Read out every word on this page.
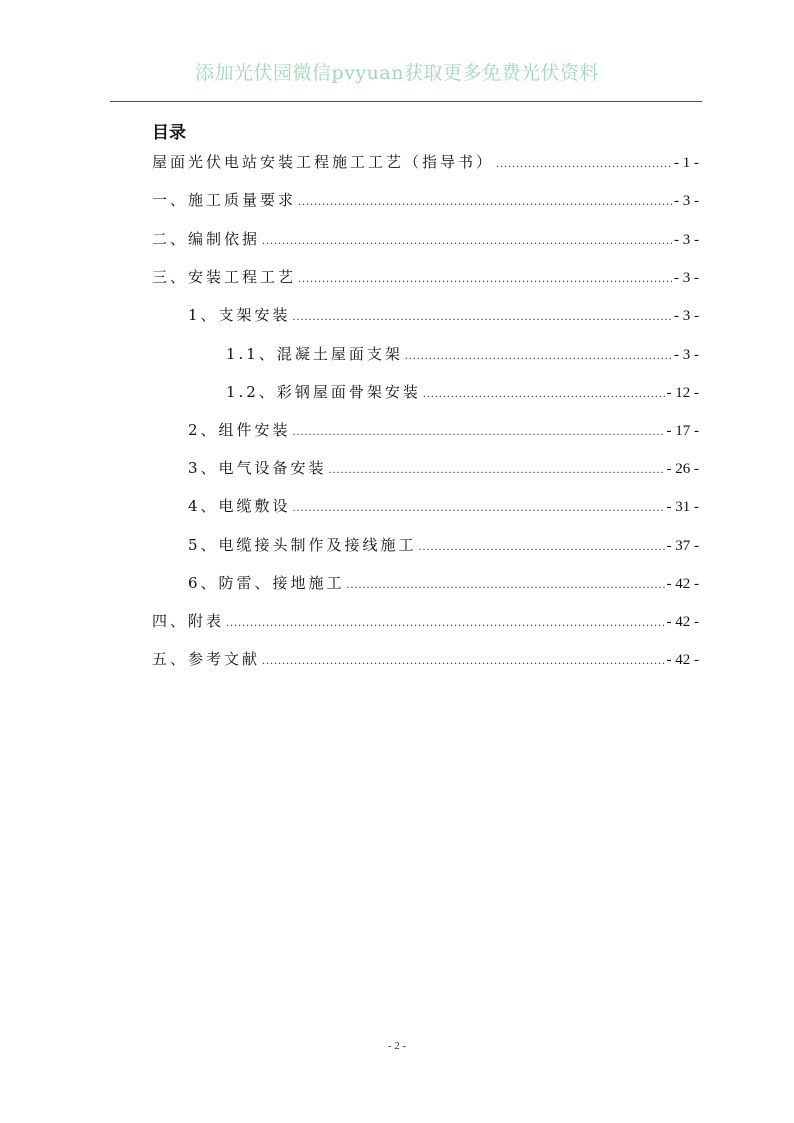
添加光伏园微信pvyuan获取更多免费光伏资料
目录
屋面光伏电站安装工程施工工艺（指导书） .....	- 1 -
一、施工质量要求 .....	- 3 -
二、编制依据 .....	- 3 -
三、安装工程工艺 .....	- 3 -
1、支架安装 .....	- 3 -
1.1、混凝土屋面支架 .....	- 3 -
1.2、彩钢屋面骨架安装 .....	- 12 -
2、组件安装 .....	- 17 -
3、电气设备安装 .....	- 26 -
4、电缆敷设 .....	- 31 -
5、电缆接头制作及接线施工 .....	- 37 -
6、防雷、接地施工 .....	- 42 -
四、附表 .....	- 42 -
五、参考文献 .....	- 42 -
- 2 -
